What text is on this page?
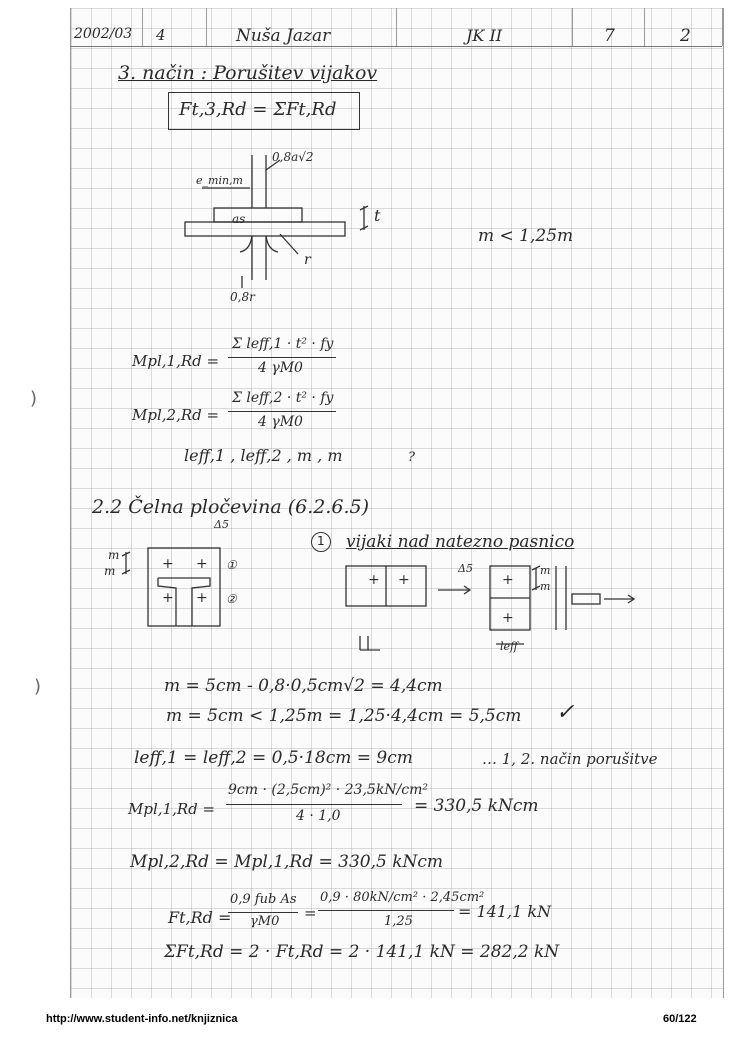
2002/03 4	Nuša Jazar	JK II	7	2
3. način : Porušitev vijakov
Ft,3,Rd = ΣFt,Rd
0,8a√2
e_min,m
as	t
r
0,8r
m < 1,25m
Mpl,1,Rd =
Σ leff,1 · t² · fy
4 γM0
Mpl,2,Rd =
Σ leff,2 · t² · fy
4 γM0
leff,1 , leff,2 , m , m	?
2.2 Čelna pločevina (6.2.6.5)
Δ5
1 vijaki nad natezno pasnico
m
m	+ +
+ +
①
②
+ +
Δ5
+
+
m
m
leff
m = 5cm - 0,8·0,5cm√2 = 4,4cm
m = 5cm < 1,25m = 1,25·4,4cm = 5,5cm ✓
leff,1 = leff,2 = 0,5·18cm = 9cm	… 1, 2. način porušitve
Mpl,1,Rd =
9cm · (2,5cm)² · 23,5kN/cm²
4 · 1,0	= 330,5 kNcm
Mpl,2,Rd = Mpl,1,Rd = 330,5 kNcm
Ft,Rd =
0,9 fub As
γM0 =
0,9 · 80kN/cm² · 2,45cm²
1,25
= 141,1 kN
ΣFt,Rd = 2 · Ft,Rd = 2 · 141,1 kN = 282,2 kN
)
)
http://www.student-info.net/knjiznica	60/122
